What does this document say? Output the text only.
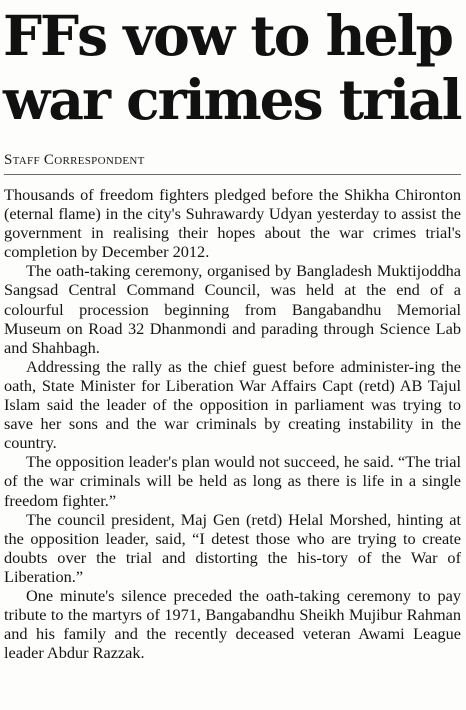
FFs vow to help
war crimes trial
Staff Correspondent

Thousands of freedom fighters pledged before the Shikha Chironton (eternal flame) in the city's Suhrawardy Udyan yesterday to assist the government in realising their hopes about the war crimes trial's completion by December 2012.

The oath-taking ceremony, organised by Bangladesh Muktijoddha Sangsad Central Command Council, was held at the end of a colourful procession beginning from Bangabandhu Memorial Museum on Road 32 Dhanmondi and parading through Science Lab and Shahbagh.

Addressing the rally as the chief guest before administer-ing the oath, State Minister for Liberation War Affairs Capt (retd) AB Tajul Islam said the leader of the opposition in parliament was trying to save her sons and the war criminals by creating instability in the country.

The opposition leader's plan would not succeed, he said. “The trial of the war criminals will be held as long as there is life in a single freedom fighter.”

The council president, Maj Gen (retd) Helal Morshed, hinting at the opposition leader, said, “I detest those who are trying to create doubts over the trial and distorting the his-tory of the War of Liberation.”

One minute's silence preceded the oath-taking ceremony to pay tribute to the martyrs of 1971, Bangabandhu Sheikh Mujibur Rahman and his family and the recently deceased veteran Awami League leader Abdur Razzak.
